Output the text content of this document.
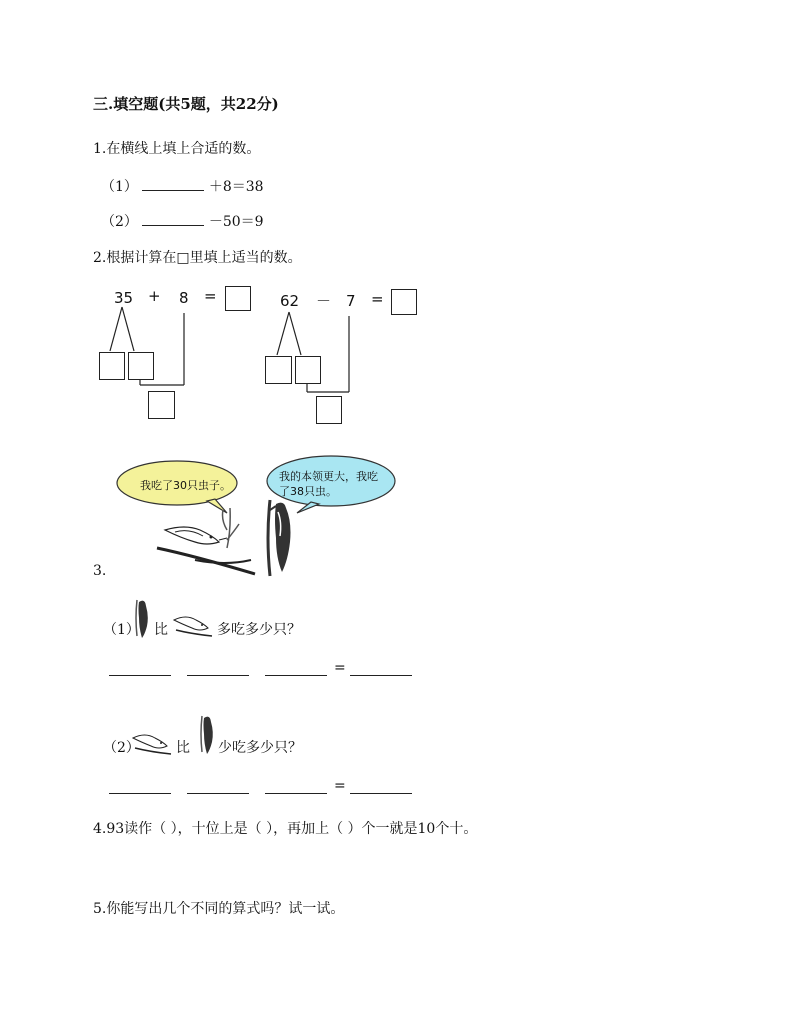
三.填空题(共5题，共22分)
1.在横线上填上合适的数。
（1）	＋8＝38
（2）	－50＝9
2.根据计算在□里填上适当的数。
35 + 8 =	62 － 7 =
我吃了30只虫子。
我的本领更大，我吃
了38只虫。
3.
（1） 比	多吃多少只？
=
（2）	比 少吃多少只？
=
4.93读作（ ），十位上是（ ），再加上（ ）个一就是10个十。
5.你能写出几个不同的算式吗？试一试。
